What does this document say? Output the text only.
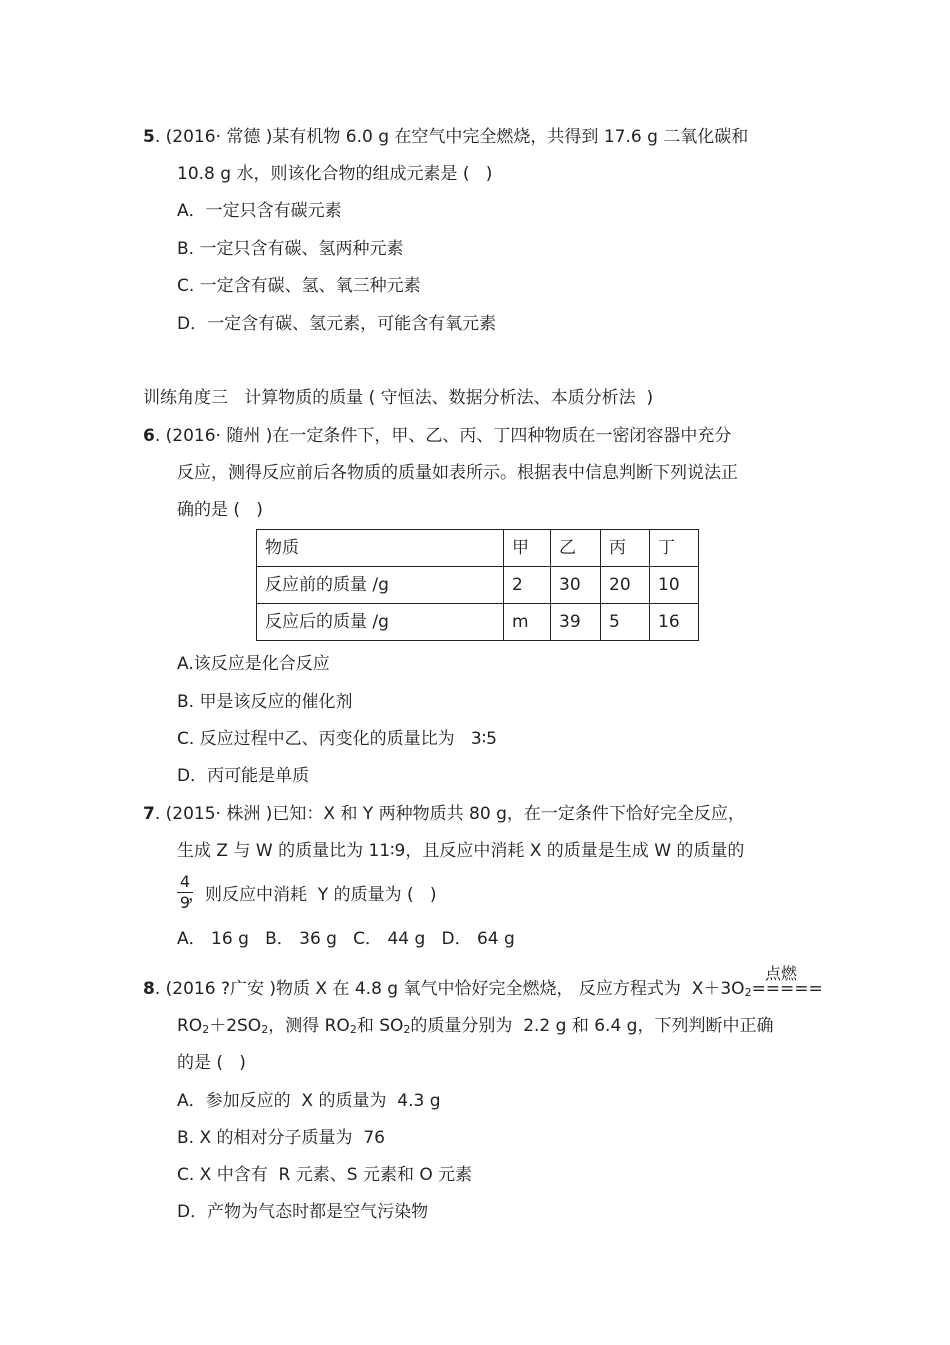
5. (2016· 常德 )某有机物 6.0 g 在空气中完全燃烧，共得到 17.6 g 二氧化碳和
10.8 g 水，则该化合物的组成元素是 (   )
A．一定只含有碳元素
B. 一定只含有碳、氢两种元素
C. 一定含有碳、氢、氧三种元素
D．一定含有碳、氢元素，可能含有氧元素
训练角度三   计算物质的质量 ( 守恒法、数据分析法、本质分析法  )
6. (2016· 随州 )在一定条件下，甲、乙、丙、丁四种物质在一密闭容器中充分
反应，测得反应前后各物质的质量如表所示。根据表中信息判断下列说法正
确的是 (   )
物质	甲	乙	丙	丁
反应前的质量 /g	2	30	20	10
反应后的质量 /g	m	39	5	16
A.该反应是化合反应
B. 甲是该反应的催化剂
C. 反应过程中乙、丙变化的质量比为   3∶5
D．丙可能是单质
7. (2015· 株洲 )已知：X 和 Y 两种物质共 80 g，在一定条件下恰好完全反应，
生成 Z 与 W 的质量比为 11∶9，且反应中消耗 X 的质量是生成 W 的质量的
4
9
，则反应中消耗  Y 的质量为 (   )
A． 16 g   B． 36 g   C． 44 g   D． 64 g
点燃
8. (2016 ?广安 )物质 X 在 4.8 g 氧气中恰好完全燃烧， 反应方程式为  $X+3O_2=====$
$RO_2+2SO_2$，测得 $RO_2$和 $SO_2$的质量分别为  2.2 g 和 6.4 g，下列判断中正确
的是 (   )
A．参加反应的  X 的质量为  4.3 g
B. X 的相对分子质量为  76
C. X 中含有  R 元素、S 元素和 O 元素
D．产物为气态时都是空气污染物
